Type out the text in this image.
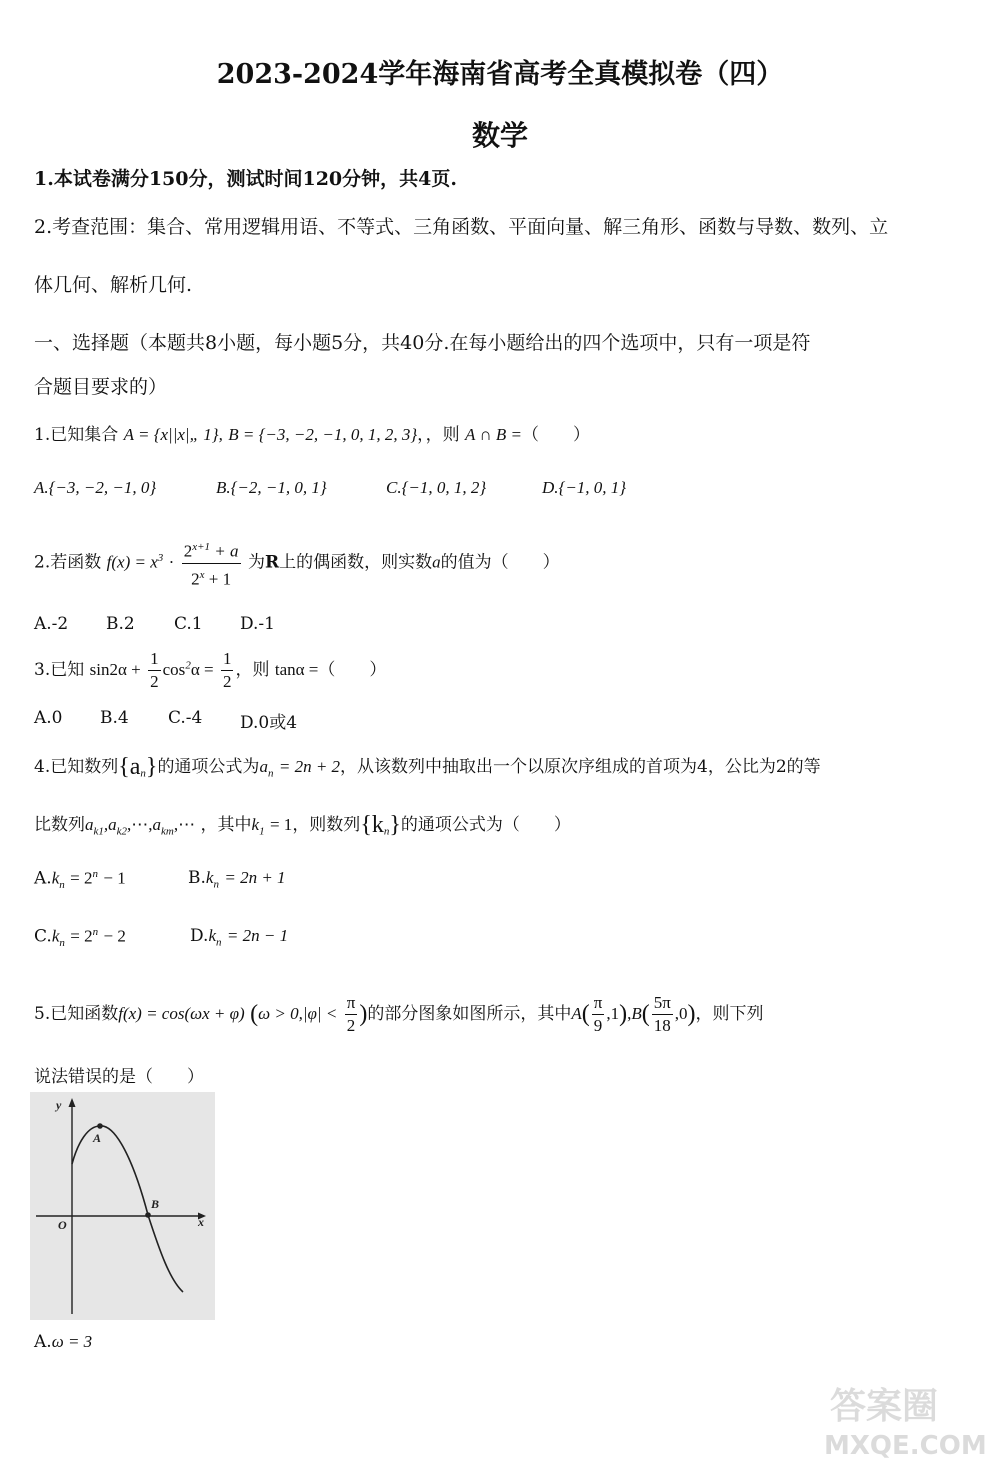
2023-2024学年海南省高考全真模拟卷（四）
数学
1.本试卷满分150分，测试时间120分钟，共4页.
2.考查范围：集合、常用逻辑用语、不等式、三角函数、平面向量、解三角形、函数与导数、数列、立
体几何、解析几何.
一、选择题（本题共8小题，每小题5分，共40分.在每小题给出的四个选项中，只有一项是符
合题目要求的）
1.已知集合 A = {x||x|„ 1}, B = {−3, −2, −1, 0, 1, 2, 3}，，则 A ∩ B =（　　）
A.{−3, −2, −1, 0}	B.{−2, −1, 0, 1}	C.{−1, 0, 1, 2}	D.{−1, 0, 1}
2.若函数 $f(x) = x^3 \cdot \frac{2^{x+1} + a}{2^x + 1}$ 为R上的偶函数，则实数a的值为（　　）
A.-2 B.2 C.1 D.-1
3.已知 $\sin 2\alpha + \frac{1}{2} \cos^2\alpha = \frac{1}{2}$ ，则 tanα =（　　）
A.0 B.4 C.-4 D.0或4
4.已知数列$\{a_n\}$的通项公式为$a_n = 2n + 2$，从该数列中抽取出一个以原次序组成的首项为4，公比为2的等
比数列$a_{k1},a_{k2},\cdots,a_{km},\cdots$ ，其中$k_1 = 1$，则数列$\{k_n\}$的通项公式为（　　）
$A.k_n = 2^n - 1$	$B.k_n = 2n + 1$
$C.k_n = 2^n - 2$	$D.k_n = 2n - 1$
5.已知函数f(x) = cos(ωx + φ) ($\omega > 0,|\varphi| < \frac{\pi}{2}$ )的部分图象如图所示，其中$A( \frac{\pi}{9} ,1),B( \frac{5\pi}{18} ,0)$，则下列
说法错误的是（　　）
y
x
O
A
B
A.ω = 3
答案圈
MXQE.COM
